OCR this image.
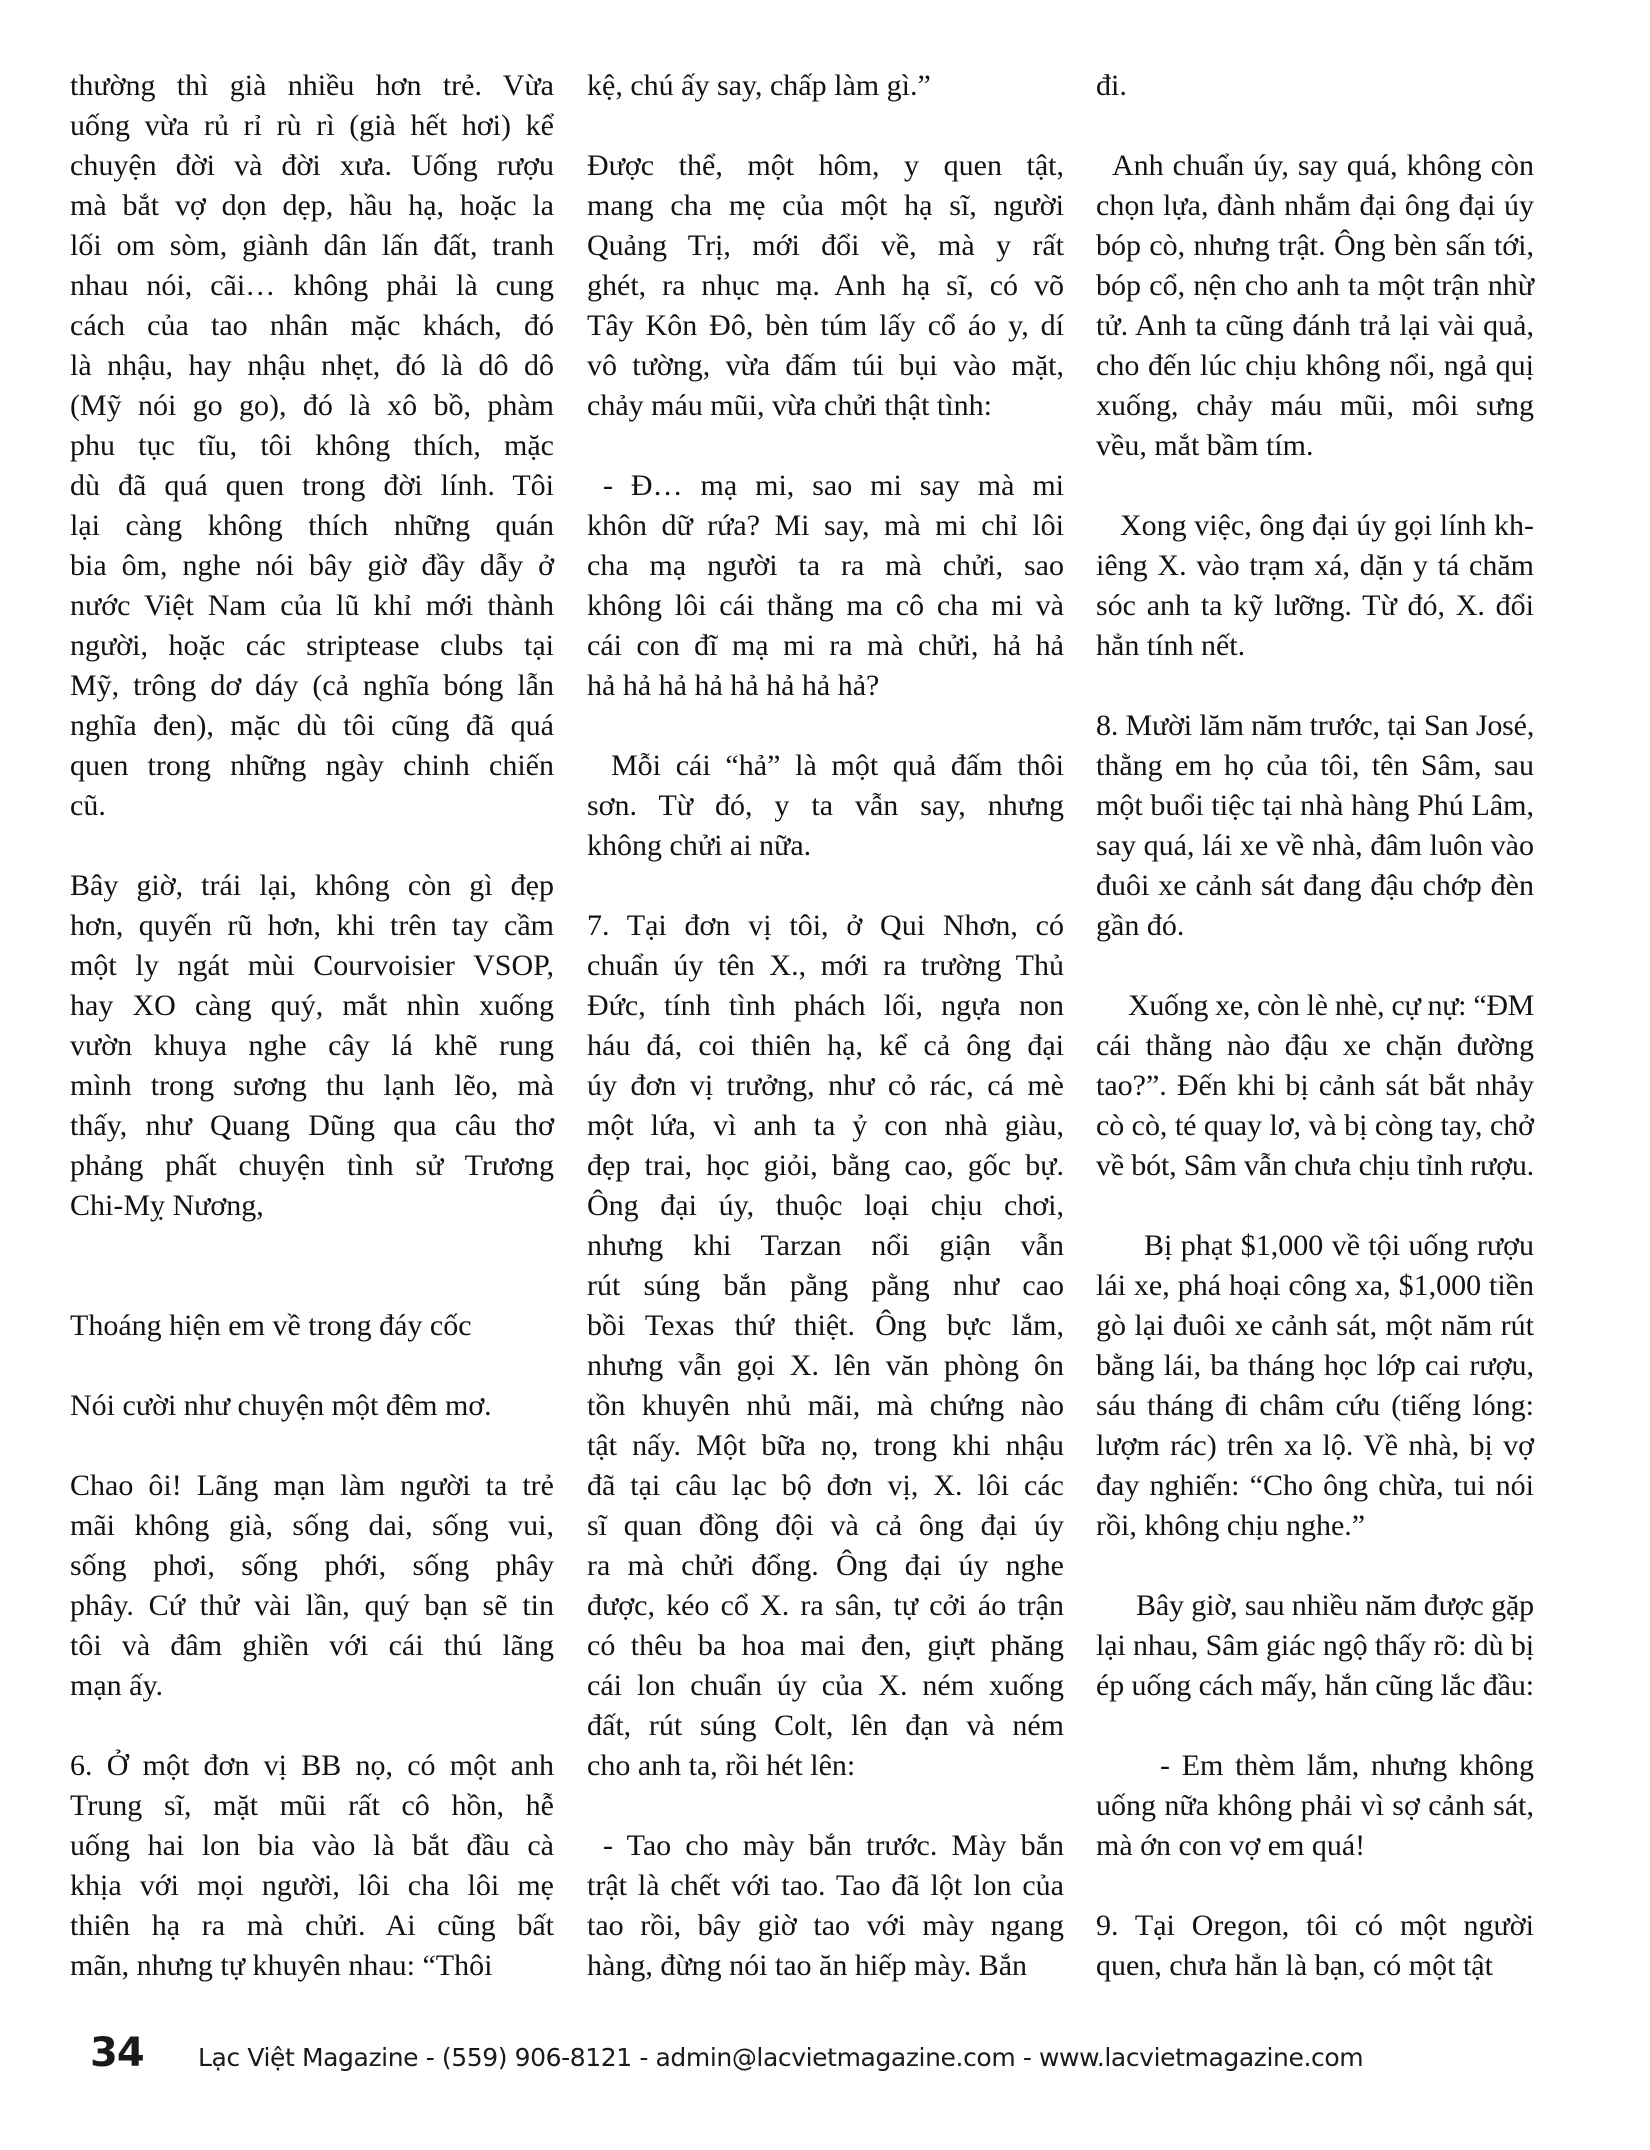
thường thì già nhiều hơn trẻ. Vừa
uống vừa rủ rỉ rù rì (già hết hơi) kể
chuyện đời và đời xưa. Uống rượu
mà bắt vợ dọn dẹp, hầu hạ, hoặc la
lối om sòm, giành dân lấn đất, tranh
nhau nói, cãi… không phải là cung
cách của tao nhân mặc khách, đó
là nhậu, hay nhậu nhẹt, đó là dô dô
(Mỹ nói go go), đó là xô bồ, phàm
phu tục tĩu, tôi không thích, mặc
dù đã quá quen trong đời lính. Tôi
lại càng không thích những quán
bia ôm, nghe nói bây giờ đầy dẫy ở
nước Việt Nam của lũ khỉ mới thành
người, hoặc các striptease clubs tại
Mỹ, trông dơ dáy (cả nghĩa bóng lẫn
nghĩa đen), mặc dù tôi cũng đã quá
quen trong những ngày chinh chiến
cũ.
Bây giờ, trái lại, không còn gì đẹp
hơn, quyến rũ hơn, khi trên tay cầm
một ly ngát mùi Courvoisier VSOP,
hay XO càng quý, mắt nhìn xuống
vườn khuya nghe cây lá khẽ rung
mình trong sương thu lạnh lẽo, mà
thấy, như Quang Dũng qua câu thơ
phảng phất chuyện tình sử Trương
Chi-Mỵ Nương,
Thoáng hiện em về trong đáy cốc
Nói cười như chuyện một đêm mơ.
Chao ôi! Lãng mạn làm người ta trẻ
mãi không già, sống dai, sống vui,
sống phơi, sống phới, sống phây
phây. Cứ thử vài lần, quý bạn sẽ tin
tôi và đâm ghiền với cái thú lãng
mạn ấy.
6. Ở một đơn vị BB nọ, có một anh
Trung sĩ, mặt mũi rất cô hồn, hễ
uống hai lon bia vào là bắt đầu cà
khịa với mọi người, lôi cha lôi mẹ
thiên hạ ra mà chửi. Ai cũng bất
mãn, nhưng tự khuyên nhau: “Thôi
kệ, chú ấy say, chấp làm gì.”
Được thể, một hôm, y quen tật,
mang cha mẹ của một hạ sĩ, người
Quảng Trị, mới đổi về, mà y rất
ghét, ra nhục mạ. Anh hạ sĩ, có võ
Tây Kôn Đô, bèn túm lấy cổ áo y, dí
vô tường, vừa đấm túi bụi vào mặt,
chảy máu mũi, vừa chửi thật tình:
- Đ… mạ mi, sao mi say mà mi
khôn dữ rứa? Mi say, mà mi chỉ lôi
cha mạ người ta ra mà chửi, sao
không lôi cái thằng ma cô cha mi và
cái con đĩ mạ mi ra mà chửi, hả hả
hả hả hả hả hả hả hả hả?
Mỗi cái “hả” là một quả đấm thôi
sơn. Từ đó, y ta vẫn say, nhưng
không chửi ai nữa.
7. Tại đơn vị tôi, ở Qui Nhơn, có
chuẩn úy tên X., mới ra trường Thủ
Đức, tính tình phách lối, ngựa non
háu đá, coi thiên hạ, kể cả ông đại
úy đơn vị trưởng, như cỏ rác, cá mè
một lứa, vì anh ta ỷ con nhà giàu,
đẹp trai, học giỏi, bằng cao, gốc bự.
Ông đại úy, thuộc loại chịu chơi,
nhưng khi Tarzan nổi giận vẫn
rút súng bắn pằng pằng như cao
bồi Texas thứ thiệt. Ông bực lắm,
nhưng vẫn gọi X. lên văn phòng ôn
tồn khuyên nhủ mãi, mà chứng nào
tật nấy. Một bữa nọ, trong khi nhậu
đã tại câu lạc bộ đơn vị, X. lôi các
sĩ quan đồng đội và cả ông đại úy
ra mà chửi đổng. Ông đại úy nghe
được, kéo cổ X. ra sân, tự cởi áo trận
có thêu ba hoa mai đen, giựt phăng
cái lon chuẩn úy của X. ném xuống
đất, rút súng Colt, lên đạn và ném
cho anh ta, rồi hét lên:
- Tao cho mày bắn trước. Mày bắn
trật là chết với tao. Tao đã lột lon của
tao rồi, bây giờ tao với mày ngang
hàng, đừng nói tao ăn hiếp mày. Bắn
đi.
Anh chuẩn úy, say quá, không còn
chọn lựa, đành nhắm đại ông đại úy
bóp cò, nhưng trật. Ông bèn sấn tới,
bóp cổ, nện cho anh ta một trận nhừ
tử. Anh ta cũng đánh trả lại vài quả,
cho đến lúc chịu không nổi, ngả quị
xuống, chảy máu mũi, môi sưng
vều, mắt bầm tím.
Xong việc, ông đại úy gọi lính kh-
iêng X. vào trạm xá, dặn y tá chăm
sóc anh ta kỹ lưỡng. Từ đó, X. đổi
hẳn tính nết.
8. Mười lăm năm trước, tại San José,
thằng em họ của tôi, tên Sâm, sau
một buổi tiệc tại nhà hàng Phú Lâm,
say quá, lái xe về nhà, đâm luôn vào
đuôi xe cảnh sát đang đậu chớp đèn
gần đó.
Xuống xe, còn lè nhè, cự nự: “ĐM
cái thằng nào đậu xe chặn đường
tao?”. Đến khi bị cảnh sát bắt nhảy
cò cò, té quay lơ, và bị còng tay, chở
về bót, Sâm vẫn chưa chịu tỉnh rượu.
Bị phạt $1,000 về tội uống rượu
lái xe, phá hoại công xa, $1,000 tiền
gò lại đuôi xe cảnh sát, một năm rút
bằng lái, ba tháng học lớp cai rượu,
sáu tháng đi châm cứu (tiếng lóng:
lượm rác) trên xa lộ. Về nhà, bị vợ
đay nghiến: “Cho ông chừa, tui nói
rồi, không chịu nghe.”
Bây giờ, sau nhiều năm được gặp
lại nhau, Sâm giác ngộ thấy rõ: dù bị
ép uống cách mấy, hắn cũng lắc đầu:
- Em thèm lắm, nhưng không
uống nữa không phải vì sợ cảnh sát,
mà ớn con vợ em quá!
9. Tại Oregon, tôi có một người
quen, chưa hẳn là bạn, có một tật
34	Lạc Việt Magazine - (559) 906-8121 - admin@lacvietmagazine.com - www.lacvietmagazine.com
